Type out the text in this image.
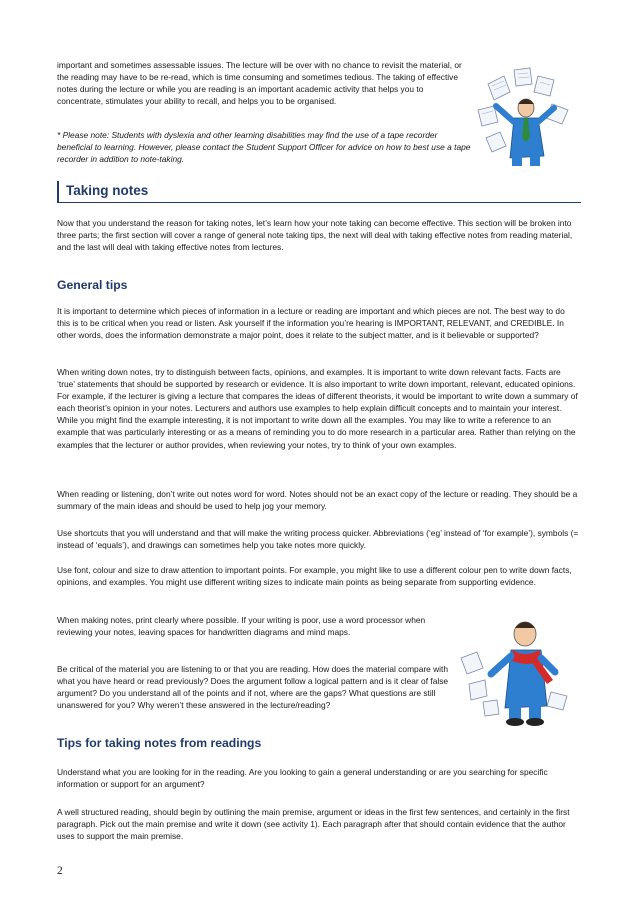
important and sometimes assessable issues. The lecture will be over with no chance to revisit the material, or the reading may have to be re-read, which is time consuming and sometimes tedious. The taking of effective notes during the lecture or while you are reading is an important academic activity that helps you to concentrate, stimulates your ability to recall, and helps you to be organised.

* Please note: Students with dyslexia and other learning disabilities may find the use of a tape recorder beneficial to learning. However, please contact the Student Support Officer for advice on how to best use a tape recorder in addition to note-taking.

Taking notes

Now that you understand the reason for taking notes, let’s learn how your note taking can become effective. This section will be broken into three parts; the first section will cover a range of general note taking tips, the next will deal with taking effective notes from reading material, and the last will deal with taking effective notes from lectures.

General tips

It is important to determine which pieces of information in a lecture or reading are important and which pieces are not. The best way to do this is to be critical when you read or listen. Ask yourself if the information you’re hearing is IMPORTANT, RELEVANT, and CREDIBLE. In other words, does the information demonstrate a major point, does it relate to the subject matter, and is it believable or supported?

When writing down notes, try to distinguish between facts, opinions, and examples. It is important to write down relevant facts. Facts are ‘true’ statements that should be supported by research or evidence. It is also important to write down important, relevant, educated opinions. For example, if the lecturer is giving a lecture that compares the ideas of different theorists, it would be important to write down a summary of each theorist’s opinion in your notes. Lecturers and authors use examples to help explain difficult concepts and to maintain your interest. While you might find the example interesting, it is not important to write down all the examples. You may like to write a reference to an example that was particularly interesting or as a means of reminding you to do more research in a particular area. Rather than relying on the examples that the lecturer or author provides, when reviewing your notes, try to think of your own examples.

When reading or listening, don’t write out notes word for word. Notes should not be an exact copy of the lecture or reading. They should be a summary of the main ideas and should be used to help jog your memory.

Use shortcuts that you will understand and that will make the writing process quicker. Abbreviations (‘eg’ instead of ‘for example’), symbols (= instead of ‘equals’), and drawings can sometimes help you take notes more quickly.

Use font, colour and size to draw attention to important points. For example, you might like to use a different colour pen to write down facts, opinions, and examples. You might use different writing sizes to indicate main points as being separate from supporting evidence.

When making notes, print clearly where possible. If your writing is poor, use a word processor when reviewing your notes, leaving spaces for handwritten diagrams and mind maps.

Be critical of the material you are listening to or that you are reading. How does the material compare with what you have heard or read previously? Does the argument follow a logical pattern and is it clear of false argument? Do you understand all of the points and if not, where are the gaps? What questions are still unanswered for you? Why weren’t these answered in the lecture/reading?

Tips for taking notes from readings

Understand what you are looking for in the reading. Are you looking to gain a general understanding or are you searching for specific information or support for an argument?

A well structured reading, should begin by outlining the main premise, argument or ideas in the first few sentences, and certainly in the first paragraph. Pick out the main premise and write it down (see activity 1). Each paragraph after that should contain evidence that the author uses to support the main premise.

2
